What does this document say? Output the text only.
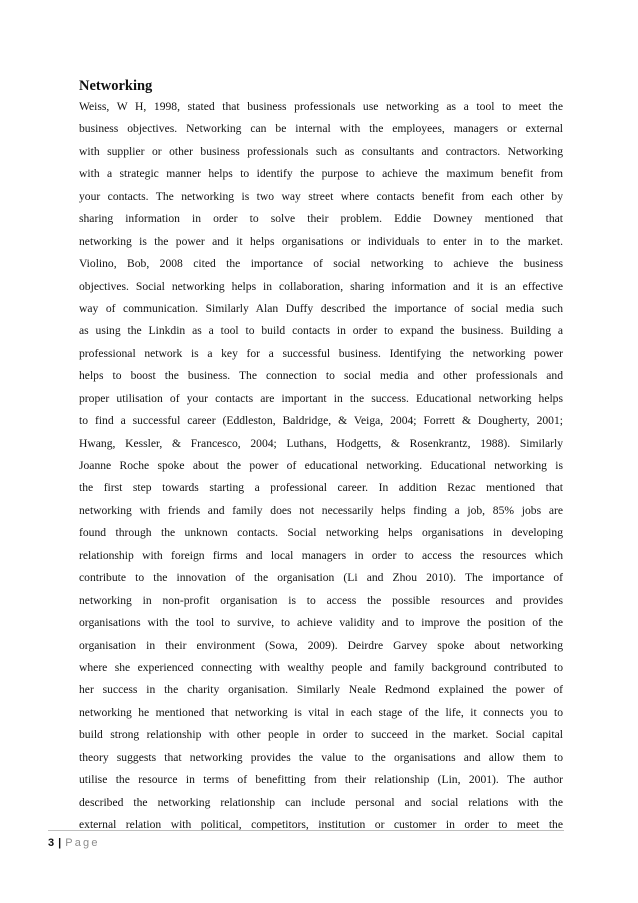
Networking
Weiss, W H, 1998, stated that business professionals use networking as a tool to meet the
business objectives. Networking can be internal with the employees, managers or external
with supplier or other business professionals such as consultants and contractors. Networking
with a strategic manner helps to identify the purpose to achieve the maximum benefit from
your contacts. The networking is two way street where contacts benefit from each other by
sharing information in order to solve their problem. Eddie Downey mentioned that
networking is the power and it helps organisations or individuals to enter in to the market.
Violino, Bob, 2008 cited the importance of social networking to achieve the business
objectives. Social networking helps in collaboration, sharing information and it is an effective
way of communication. Similarly Alan Duffy described the importance of social media such
as using the Linkdin as a tool to build contacts in order to expand the business. Building a
professional network is a key for a successful business. Identifying the networking power
helps to boost the business. The connection to social media and other professionals and
proper utilisation of your contacts are important in the success. Educational networking helps
to find a successful career (Eddleston, Baldridge, & Veiga, 2004; Forrett & Dougherty, 2001;
Hwang, Kessler, & Francesco, 2004; Luthans, Hodgetts, & Rosenkrantz, 1988). Similarly
Joanne Roche spoke about the power of educational networking. Educational networking is
the first step towards starting a professional career. In addition Rezac mentioned that
networking with friends and family does not necessarily helps finding a job, 85% jobs are
found through the unknown contacts. Social networking helps organisations in developing
relationship with foreign firms and local managers in order to access the resources which
contribute to the innovation of the organisation (Li and Zhou 2010). The importance of
networking in non-profit organisation is to access the possible resources and provides
organisations with the tool to survive, to achieve validity and to improve the position of the
organisation in their environment (Sowa, 2009). Deirdre Garvey spoke about networking
where she experienced connecting with wealthy people and family background contributed to
her success in the charity organisation. Similarly Neale Redmond explained the power of
networking he mentioned that networking is vital in each stage of the life, it connects you to
build strong relationship with other people in order to succeed in the market. Social capital
theory suggests that networking provides the value to the organisations and allow them to
utilise the resource in terms of benefitting from their relationship (Lin, 2001). The author
described the networking relationship can include personal and social relations with the
external relation with political, competitors, institution or customer in order to meet the
3 | Page
